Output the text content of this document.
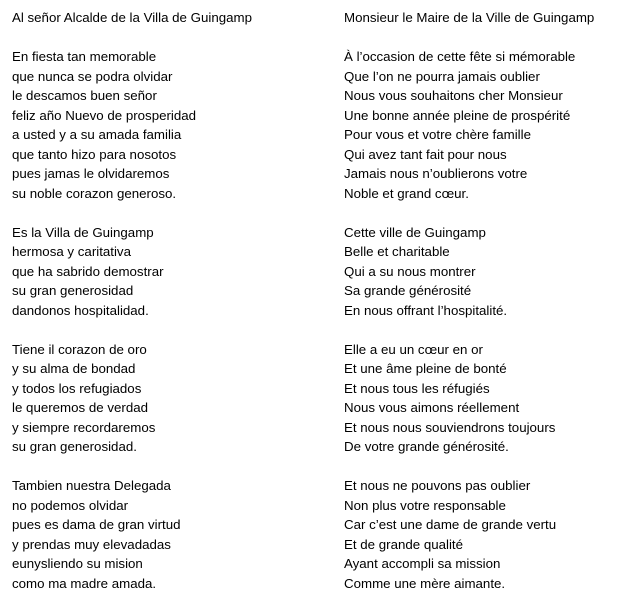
Al señor Alcalde de la Villa de Guingamp
En fiesta tan memorable
que nunca se podra olvidar
le descamos buen señor
feliz año Nuevo de prosperidad
a usted y a su amada familia
que tanto hizo para nosotos
pues jamas le olvidaremos
su noble corazon generoso.
Es la Villa de Guingamp
hermosa y caritativa
que ha sabrido demostrar
su gran generosidad
dandonos hospitalidad.
Tiene il corazon de oro
y su alma de bondad
y todos los refugiados
le queremos de verdad
y siempre recordaremos
su gran generosidad.
Tambien nuestra Delegada
no podemos olvidar
pues es dama de gran virtud
y prendas muy elevadadas
eunysliendo su mision
como ma madre amada.
Monsieur le Maire de la Ville de Guingamp
À l’occasion de cette fête si mémorable
Que l’on ne pourra jamais oublier
Nous vous souhaitons cher Monsieur
Une bonne année pleine de prospérité
Pour vous et votre chère famille
Qui avez tant fait pour nous
Jamais nous n’oublierons votre
Noble et grand cœur.
Cette ville de Guingamp
Belle et charitable
Qui a su nous montrer
Sa grande générosité
En nous offrant l’hospitalité.
Elle a eu un cœur en or
Et une âme pleine de bonté
Et nous tous les réfugiés
Nous vous aimons réellement
Et nous nous souviendrons toujours
De votre grande générosité.
Et nous ne pouvons pas oublier
Non plus votre responsable
Car c’est une dame de grande vertu
Et de grande qualité
Ayant accompli sa mission
Comme une mère aimante.
